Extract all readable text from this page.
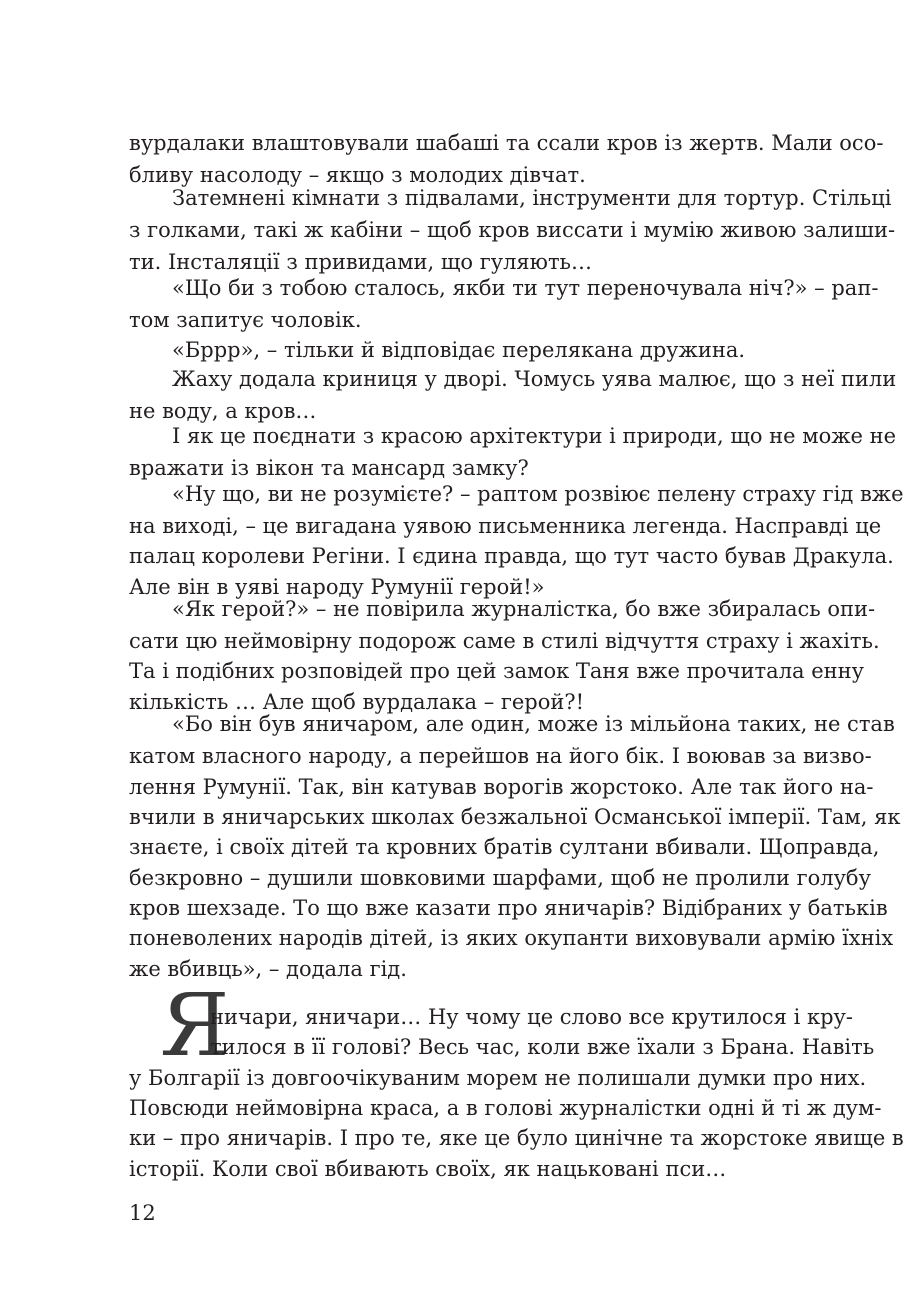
вурдалаки влаштовували шабаші та ссали кров із жертв. Мали осо-
бливу насолоду – якщо з молодих дівчат.
Затемнені кімнати з підвалами, інструменти для тортур. Стільці
з голками, такі ж кабіни – щоб кров виссати і мумію живою залиши-
ти. Інсталяції з привидами, що гуляють…
«Що би з тобою сталось, якби ти тут переночувала ніч?» – рап-
том запитує чоловік.
«Бррр», – тільки й відповідає перелякана дружина.
Жаху додала криниця у дворі. Чомусь уява малює, що з неї пили
не воду, а кров…
І як це поєднати з красою архітектури і природи, що не може не
вражати із вікон та мансард замку?
«Ну що, ви не розумієте? – раптом розвіює пелену страху гід вже
на виході, – це вигадана уявою письменника легенда. Насправді це
палац королеви Регіни. І єдина правда, що тут часто бував Дракула.
Але він в уяві народу Румунії герой!»
«Як герой?» – не повірила журналістка, бо вже збиралась опи-
сати цю неймовірну подорож саме в стилі відчуття страху і жахіть.
Та і подібних розповідей про цей замок Таня вже прочитала енну
кількість … Але щоб вурдалака – герой?!
«Бо він був яничаром, але один, може із мільйона таких, не став
катом власного народу, а перейшов на його бік. І воював за визво-
лення Румунії. Так, він катував ворогів жорстоко. Але так його на-
вчили в яничарських школах безжальної Османської імперії. Там, як
знаєте, і своїх дітей та кровних братів султани вбивали. Щоправда,
безкровно – душили шовковими шарфами, щоб не пролили голубу
кров шехзаде. То що вже казати про яничарів? Відібраних у батьків
поневолених народів дітей, із яких окупанти виховували армію їхніх
же вбивць», – додала гід.
Я
ничари, яничари… Ну чому це слово все крутилося і кру-
тилося в її голові? Весь час, коли вже їхали з Брана. Навіть
у Болгарії із довгоочікуваним морем не полишали думки про них.
Повсюди неймовірна краса, а в голові журналістки одні й ті ж дум-
ки – про яничарів. І про те, яке це було цинічне та жорстоке явище в
історії. Коли свої вбивають своїх, як нацьковані пси…
12
